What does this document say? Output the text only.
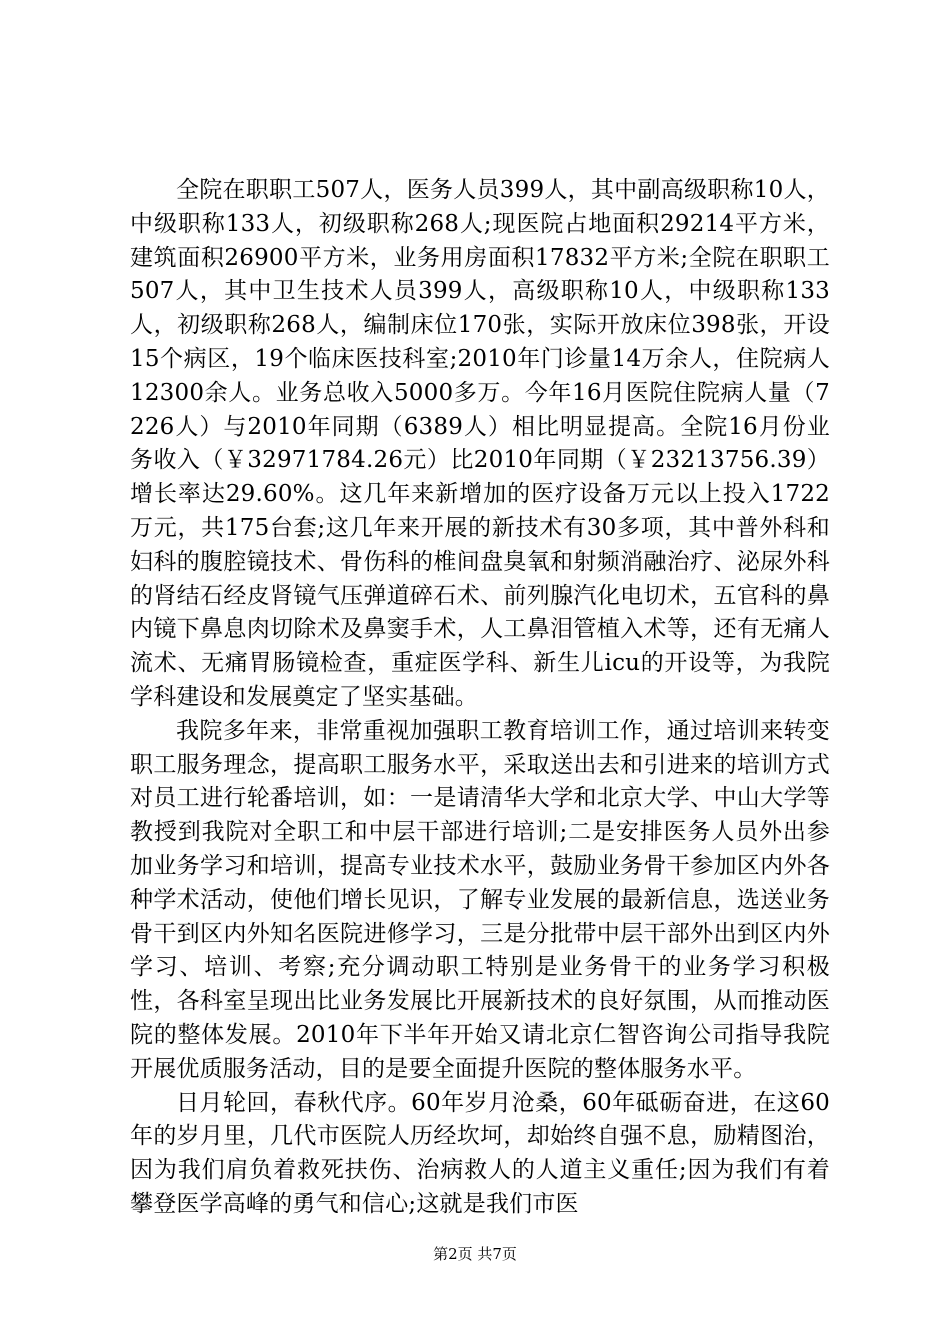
全院在职职工507人，医务人员399人，其中副高级职称10人，中级职称133人，初级职称268人;现医院占地面积29214平方米，建筑面积26900平方米，业务用房面积17832平方米;全院在职职工507人，其中卫生技术人员399人，高级职称10人，中级职称133人，初级职称268人，编制床位170张，实际开放床位398张，开设15个病区，19个临床医技科室;2010年门诊量14万余人，住院病人12300余人。业务总收入5000多万。今年16月医院住院病人量（7226人）与2010年同期（6389人）相比明显提高。全院16月份业务收入（￥32971784.26元）比2010年同期（￥23213756.39）增长率达29.60%。这几年来新增加的医疗设备万元以上投入1722万元，共175台套;这几年来开展的新技术有30多项，其中普外科和妇科的腹腔镜技术、骨伤科的椎间盘臭氧和射频消融治疗、泌尿外科的肾结石经皮肾镜气压弹道碎石术、前列腺汽化电切术，五官科的鼻内镜下鼻息肉切除术及鼻窦手术，人工鼻泪管植入术等，还有无痛人流术、无痛胃肠镜检查，重症医学科、新生儿icu的开设等，为我院学科建设和发展奠定了坚实基础。

我院多年来，非常重视加强职工教育培训工作，通过培训来转变职工服务理念，提高职工服务水平，采取送出去和引进来的培训方式对员工进行轮番培训，如：一是请清华大学和北京大学、中山大学等教授到我院对全职工和中层干部进行培训;二是安排医务人员外出参加业务学习和培训，提高专业技术水平，鼓励业务骨干参加区内外各种学术活动，使他们增长见识，了解专业发展的最新信息，选送业务骨干到区内外知名医院进修学习，三是分批带中层干部外出到区内外学习、培训、考察;充分调动职工特别是业务骨干的业务学习积极性，各科室呈现出比业务发展比开展新技术的良好氛围，从而推动医院的整体发展。2010年下半年开始又请北京仁智咨询公司指导我院开展优质服务活动，目的是要全面提升医院的整体服务水平。

日月轮回，春秋代序。60年岁月沧桑，60年砥砺奋进，在这60年的岁月里，几代市医院人历经坎坷，却始终自强不息，励精图治，因为我们肩负着救死扶伤、治病救人的人道主义重任;因为我们有着攀登医学高峰的勇气和信心;这就是我们市医

第2页 共7页
